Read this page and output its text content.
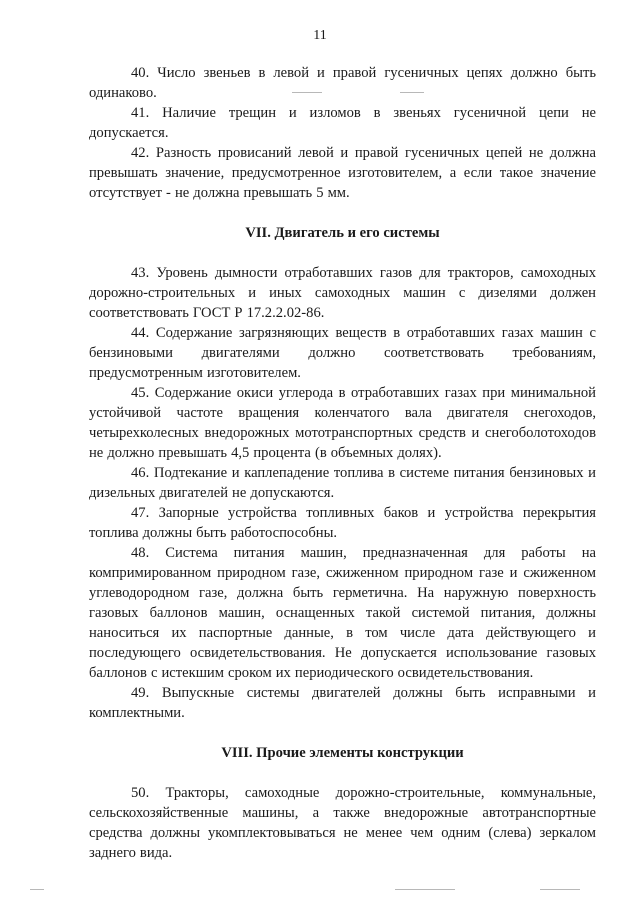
11

40. Число звеньев в левой и правой гусеничных цепях должно быть одинаково.

41. Наличие трещин и изломов в звеньях гусеничной цепи не допускается.

42. Разность провисаний левой и правой гусеничных цепей не должна превышать значение, предусмотренное изготовителем, а если такое значение отсутствует - не должна превышать 5 мм.

VII. Двигатель и его системы

43. Уровень дымности отработавших газов для тракторов, самоходных дорожно-строительных и иных самоходных машин с дизелями должен соответствовать ГОСТ Р 17.2.2.02-86.

44. Содержание загрязняющих веществ в отработавших газах машин с бензиновыми двигателями должно соответствовать требованиям, предусмотренным изготовителем.

45. Содержание окиси углерода в отработавших газах при минимальной устойчивой частоте вращения коленчатого вала двигателя снегоходов, четырехколесных внедорожных мототранспортных средств и снегоболотоходов не должно превышать 4,5 процента (в объемных долях).

46. Подтекание и каплепадение топлива в системе питания бензиновых и дизельных двигателей не допускаются.

47. Запорные устройства топливных баков и устройства перекрытия топлива должны быть работоспособны.

48. Система питания машин, предназначенная для работы на компримированном природном газе, сжиженном природном газе и сжиженном углеводородном газе, должна быть герметична. На наружную поверхность газовых баллонов машин, оснащенных такой системой питания, должны наноситься их паспортные данные, в том числе дата действующего и последующего освидетельствования. Не допускается использование газовых баллонов с истекшим сроком их периодического освидетельствования.

49. Выпускные системы двигателей должны быть исправными и комплектными.

VIII. Прочие элементы конструкции

50. Тракторы, самоходные дорожно-строительные, коммунальные, сельскохозяйственные машины, а также внедорожные автотранспортные средства должны укомплектовываться не менее чем одним (слева) зеркалом заднего вида.
